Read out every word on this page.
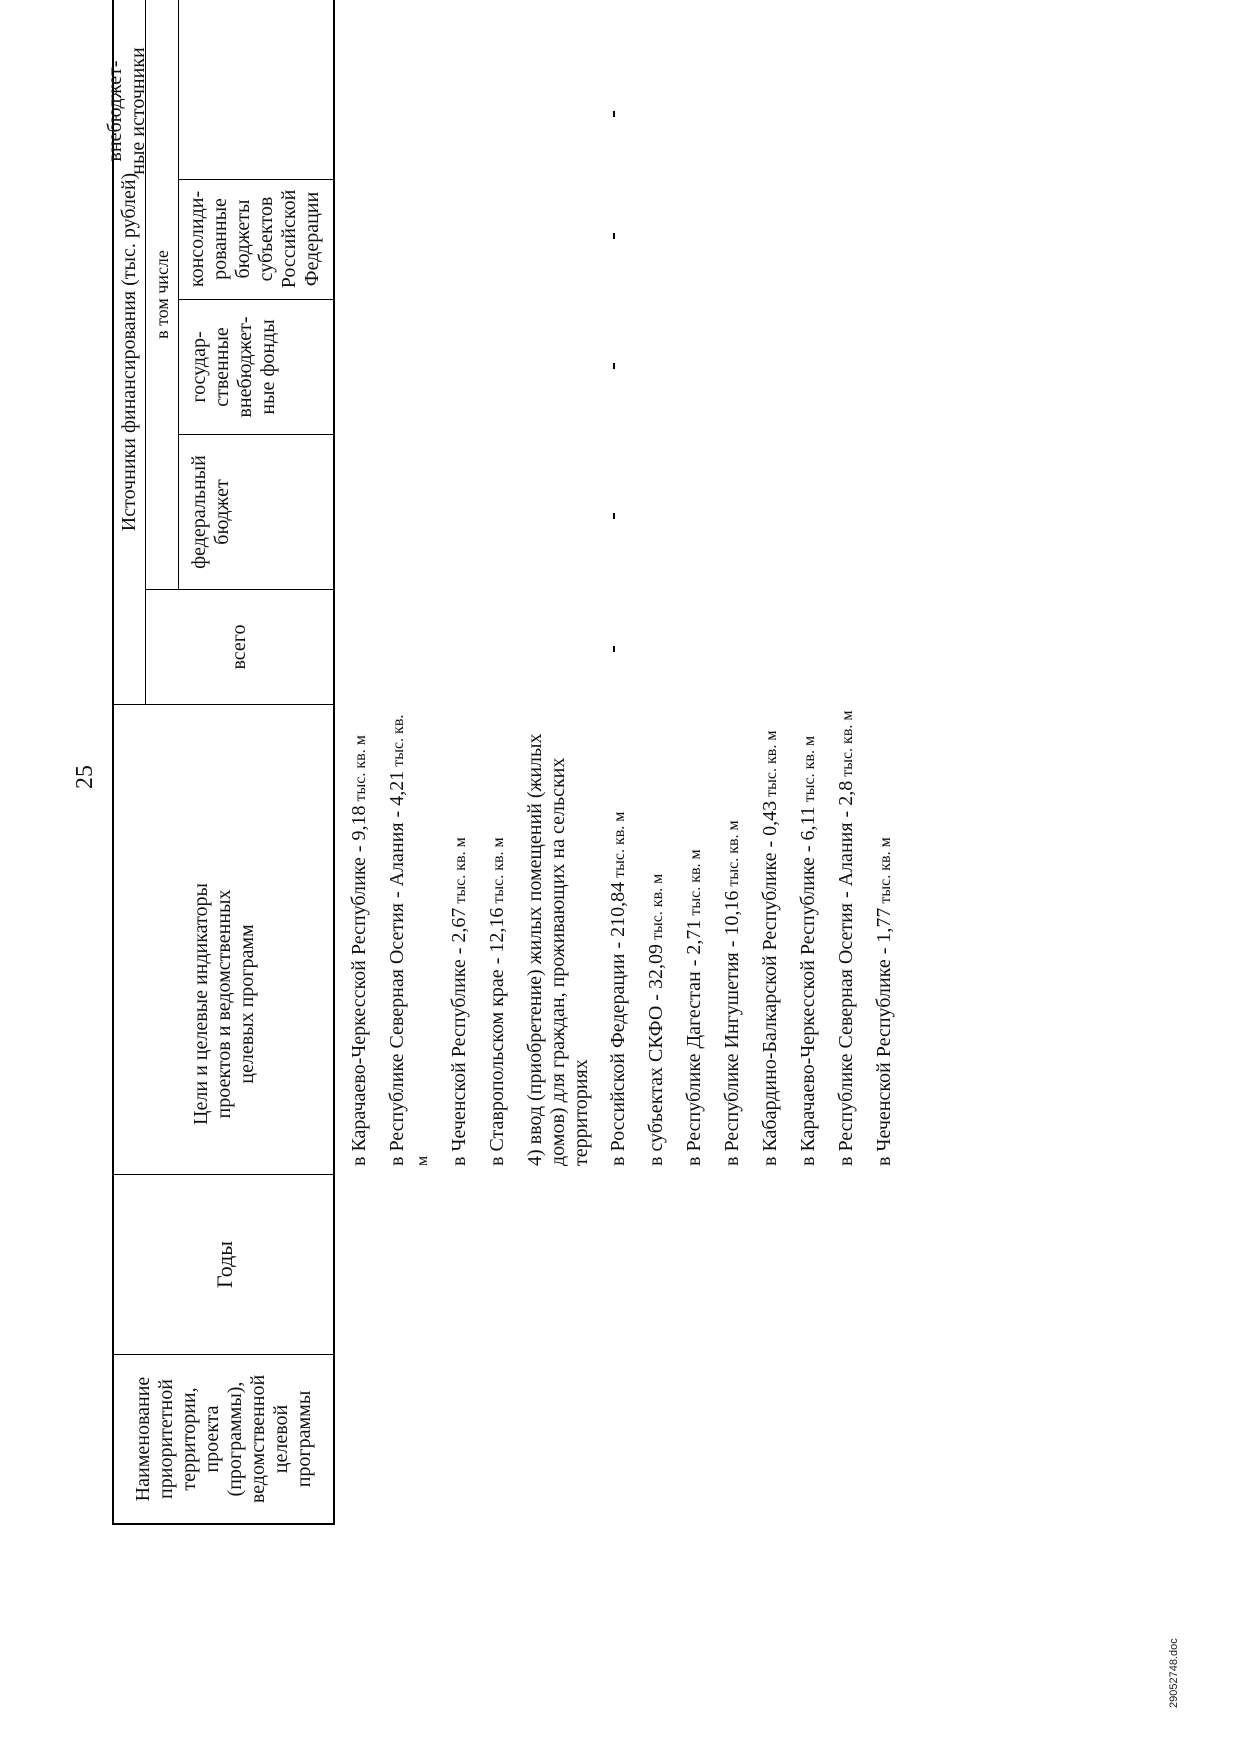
25
Наименование приоритетной территории, проекта (программы), ведомственной целевой программы
Годы
Цели и целевые индикаторы проектов и ведомственных целевых программ
Источники финансирования (тыс. рублей)
всего
в том числе
федеральный бюджет
государ-ственные внебюджет-ные фонды
консолиди-рованные бюджеты субъектов Российской Федерации
внебюджет-ные источники
в Карачаево-Черкесской Республике - 9,18 тыс. кв. м
в Республике Северная Осетия - Алания - 4,21 тыс. кв. м в Чеченской Республике - 2,67 тыс. кв. м
в Ставропольском крае - 12,16 тыс. кв. м 4) ввод (приобретение) жилых помещений (жилых домов) для граждан, проживающих на сельских территориях в Российской Федерации - 210,84 тыс. кв. м
в субъектах СКФО - 32,09 тыс. кв. м
в Республике Дагестан - 2,71 тыс. кв. м
в Республике Ингушетия - 10,16 тыс. кв. м в Кабардино-Балкарской Республике - 0,43 тыс. кв. м
в Карачаево-Черкесской Республике - 6,11 тыс. кв. м
в Республике Северная Осетия - Алания - 2,8 тыс. кв. м
в Чеченской Республике - 1,77 тыс. кв. м
29052748.doc
